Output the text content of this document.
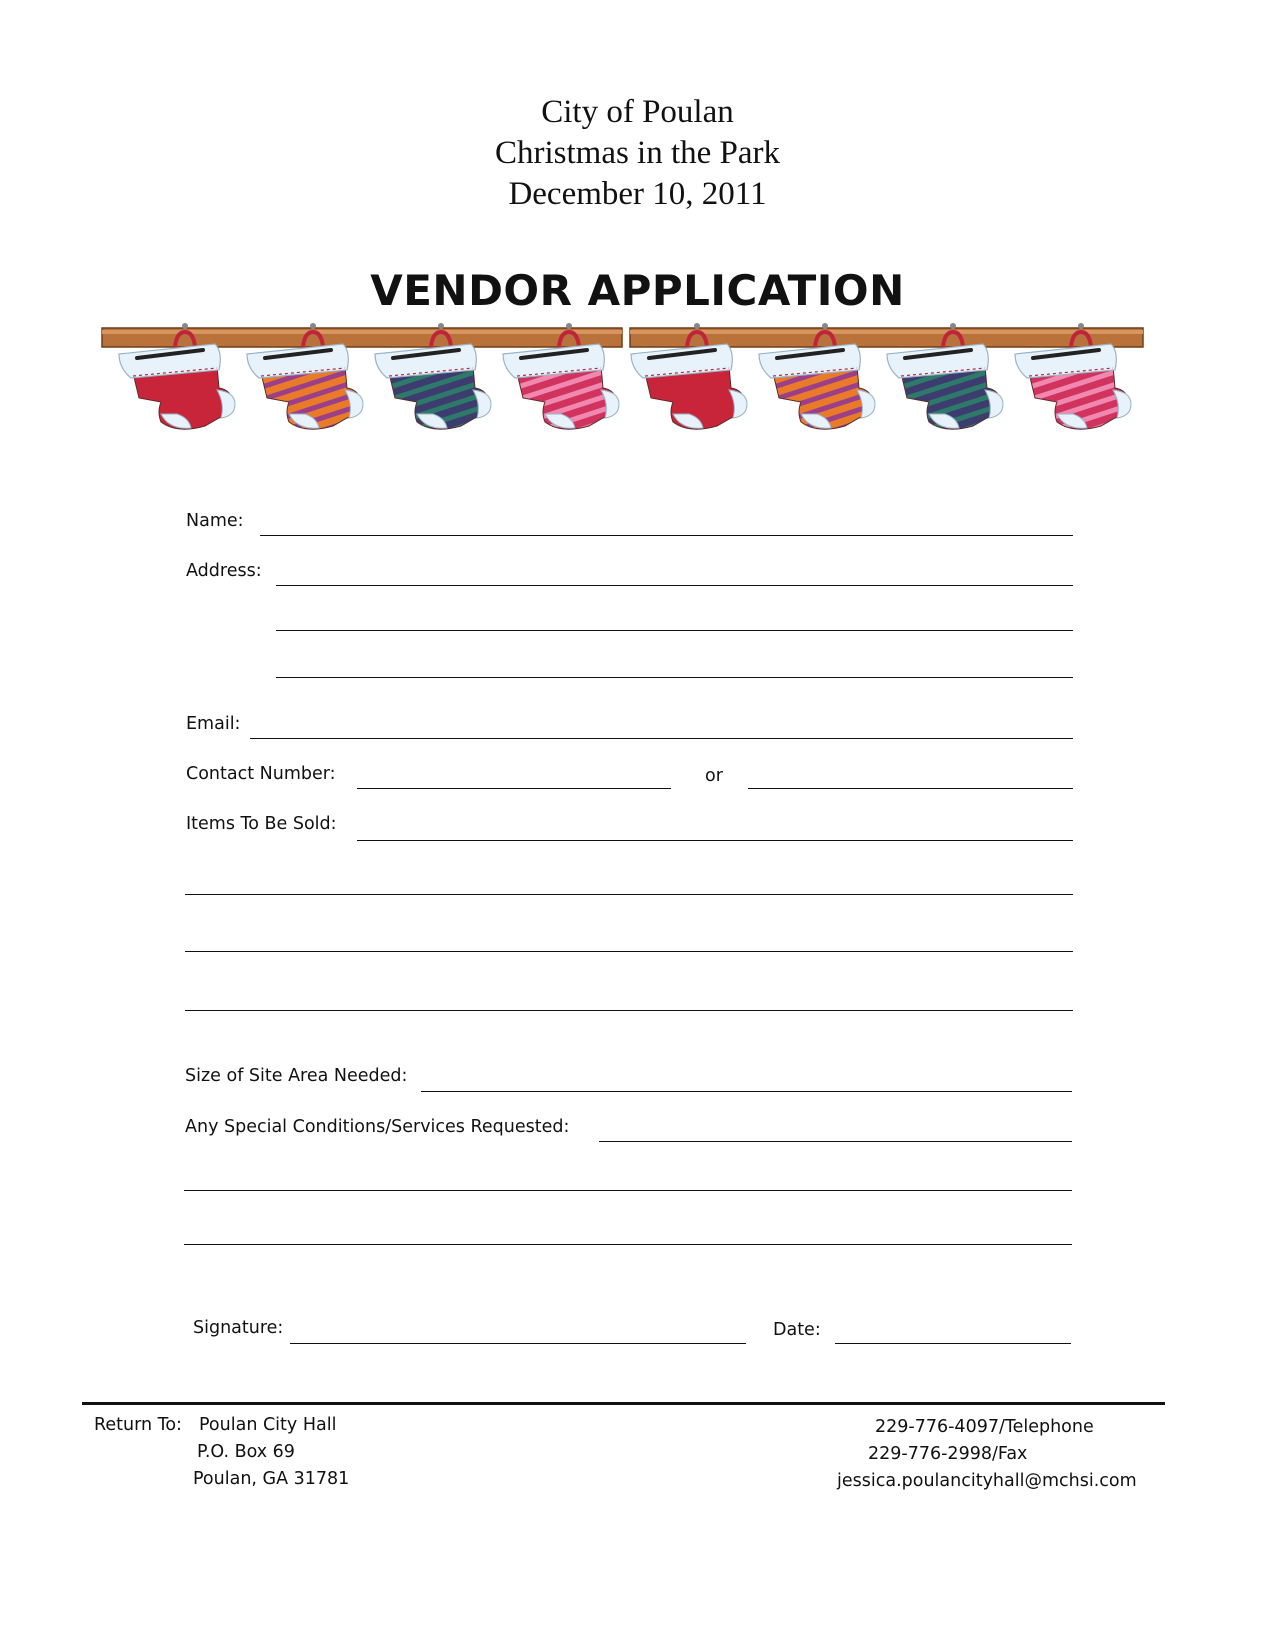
City of Poulan
Christmas in the Park
December 10, 2011
VENDOR APPLICATION
Name:
Address:
Email:
Contact Number:	or
Items To Be Sold:
Size of Site Area Needed:
Any Special Conditions/Services Requested:
Signature:	Date:
Return To: Poulan City Hall
P.O. Box 69
Poulan, GA 31781
229-776-4097/Telephone
229-776-2998/Fax
jessica.poulancityhall@mchsi.com
